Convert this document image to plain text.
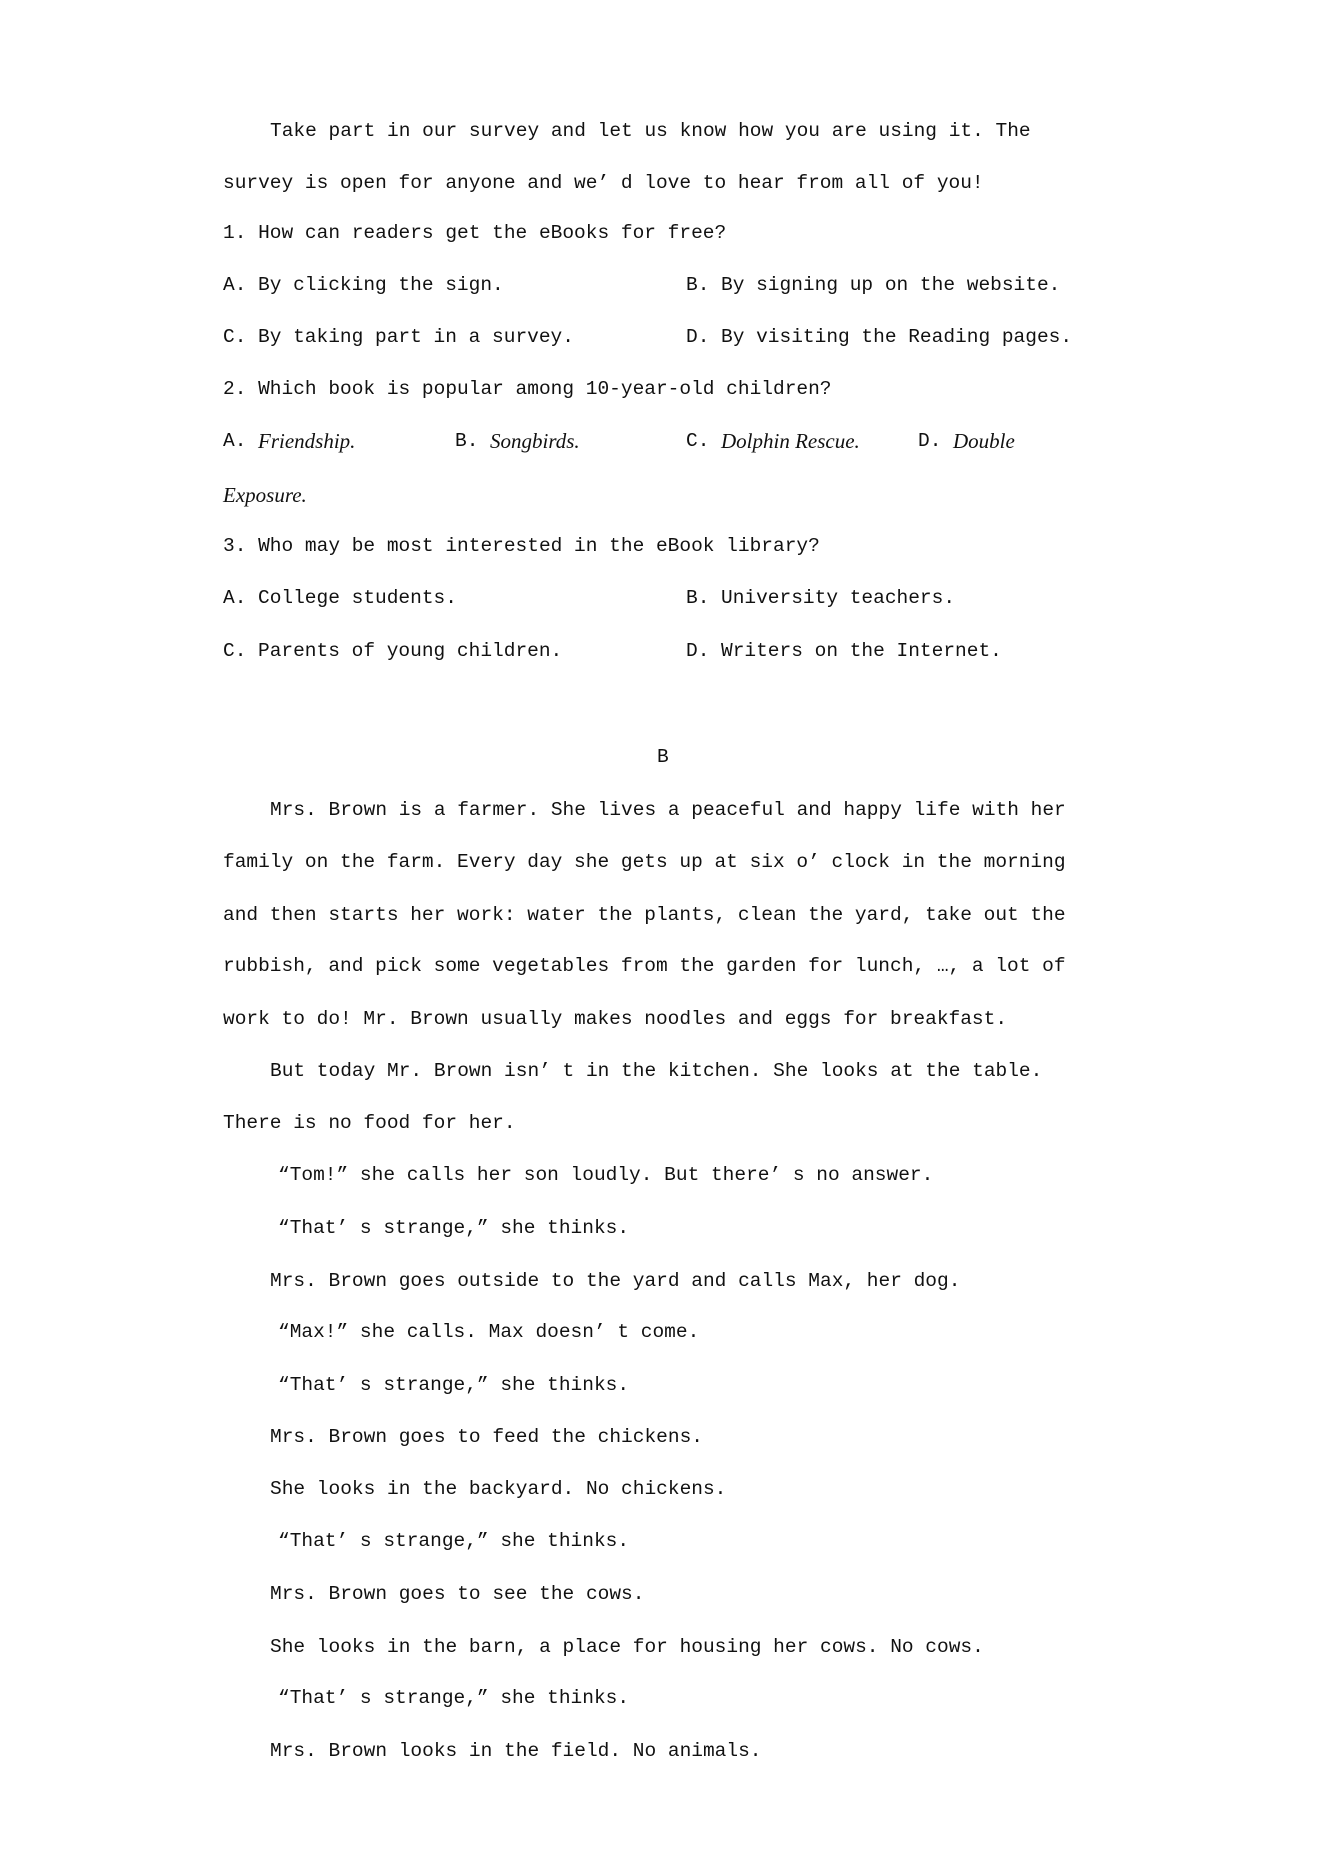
Take part in our survey and let us know how you are using it. The
survey is open for anyone and we’ d love to hear from all of you!
1. How can readers get the eBooks for free?
A. By clicking the sign.	B. By signing up on the website.
C. By taking part in a survey.	D. By visiting the Reading pages.
2. Which book is popular among 10-year-old children?
A. Friendship.	B. Songbirds.	C. Dolphin Rescue.	D. Double
Exposure.
3. Who may be most interested in the eBook library?
A. College students.	B. University teachers.
C. Parents of young children.	D. Writers on the Internet.
B
Mrs. Brown is a farmer. She lives a peaceful and happy life with her
family on the farm. Every day she gets up at six o’ clock in the morning
and then starts her work: water the plants, clean the yard, take out the
rubbish, and pick some vegetables from the garden for lunch, …, a lot of
work to do! Mr. Brown usually makes noodles and eggs for breakfast.
But today Mr. Brown isn’ t in the kitchen. She looks at the table.
There is no food for her.
“Tom!” she calls her son loudly. But there’ s no answer.
“That’ s strange,” she thinks.
Mrs. Brown goes outside to the yard and calls Max, her dog.
“Max!” she calls. Max doesn’ t come.
“That’ s strange,” she thinks.
Mrs. Brown goes to feed the chickens.
She looks in the backyard. No chickens.
“That’ s strange,” she thinks.
Mrs. Brown goes to see the cows.
She looks in the barn, a place for housing her cows. No cows.
“That’ s strange,” she thinks.
Mrs. Brown looks in the field. No animals.
